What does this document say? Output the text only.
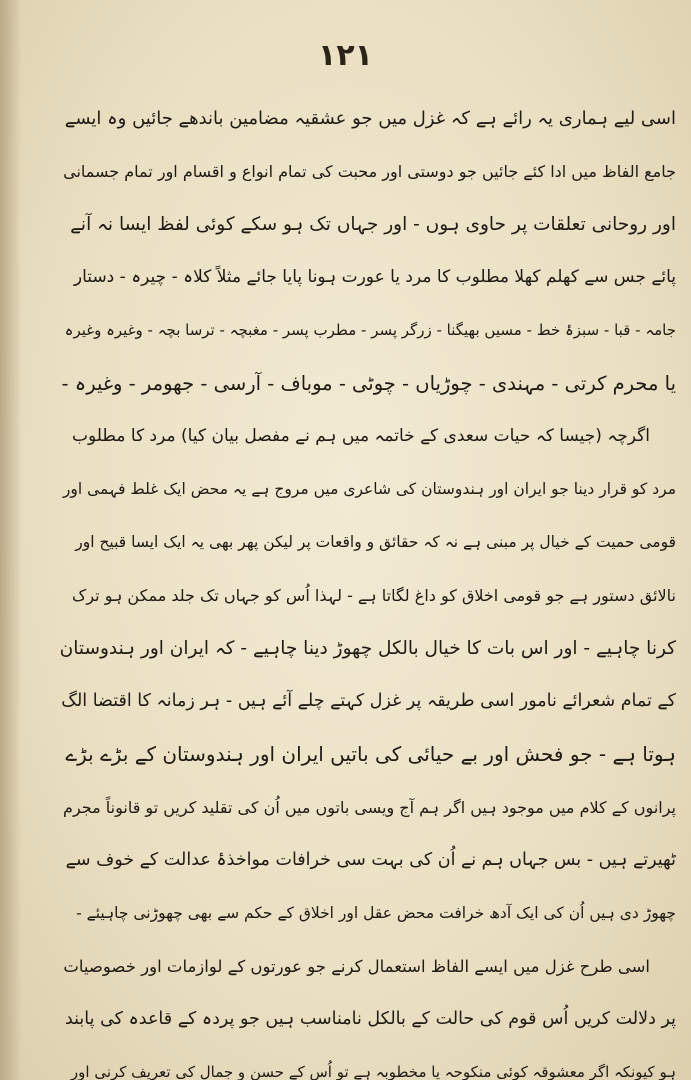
۱۲۱
اسی لیے ہماری یہ رائے ہے کہ غزل میں جو عشقیہ مضامین باندھے جائیں وہ ایسے
جامع الفاظ میں ادا کئے جائیں جو دوستی اور محبت کی تمام انواع و اقسام اور تمام جسمانی
اور روحانی تعلقات پر حاوی ہوں - اور جہاں تک ہو سکے کوئی لفظ ایسا نہ آنے
پائے جس سے کھلم کھلا مطلوب کا مرد یا عورت ہونا پایا جائے مثلاً کلاہ - چیرہ - دستار
جامہ - قبا - سبزۂ خط - مسیں بھیگنا - زرگر پسر - مطرب پسر - مغبچہ - ترسا بچہ - وغیرہ وغیرہ
یا محرم کرتی - مہندی - چوڑیاں - چوٹی - موباف - آرسی - جھومر - وغیرہ -
اگرچہ (جیسا کہ حیات سعدی کے خاتمہ میں ہم نے مفصل بیان کیا) مرد کا مطلوب
مرد کو قرار دینا جو ایران اور ہندوستان کی شاعری میں مروج ہے یہ محض ایک غلط فہمی اور
قومی حمیت کے خیال پر مبنی ہے نہ کہ حقائق و واقعات پر لیکن پھر بھی یہ ایک ایسا قبیح اور
نالائق دستور ہے جو قومی اخلاق کو داغ لگاتا ہے - لہذا اُس کو جہاں تک جلد ممکن ہو ترک
کرنا چاہیے - اور اس بات کا خیال بالکل چھوڑ دینا چاہیے - کہ ایران اور ہندوستان
کے تمام شعرائے نامور اسی طریقہ پر غزل کہتے چلے آئے ہیں - ہر زمانہ کا اقتضا الگ
ہوتا ہے - جو فحش اور بے حیائی کی باتیں ایران اور ہندوستان کے بڑے بڑے
پرانوں کے کلام میں موجود ہیں اگر ہم آج ویسی باتوں میں اُن کی تقلید کریں تو قانوناً مجرم
ٹھیرتے ہیں - بس جہاں ہم نے اُن کی بہت سی خرافات مواخذۂ عدالت کے خوف سے
چھوڑ دی ہیں اُن کی ایک آدھ خرافت محض عقل اور اخلاق کے حکم سے بھی چھوڑنی چاہیئے -
اسی طرح غزل میں ایسے الفاظ استعمال کرنے جو عورتوں کے لوازمات اور خصوصیات
پر دلالت کریں اُس قوم کی حالت کے بالکل نامناسب ہیں جو پردہ کے قاعدہ کی پابند
ہو کیونکہ اگر معشوقہ کوئی منکوحہ یا مخطوبہ ہے تو اُس کے حسن و جمال کی تعریف کرنی اور
